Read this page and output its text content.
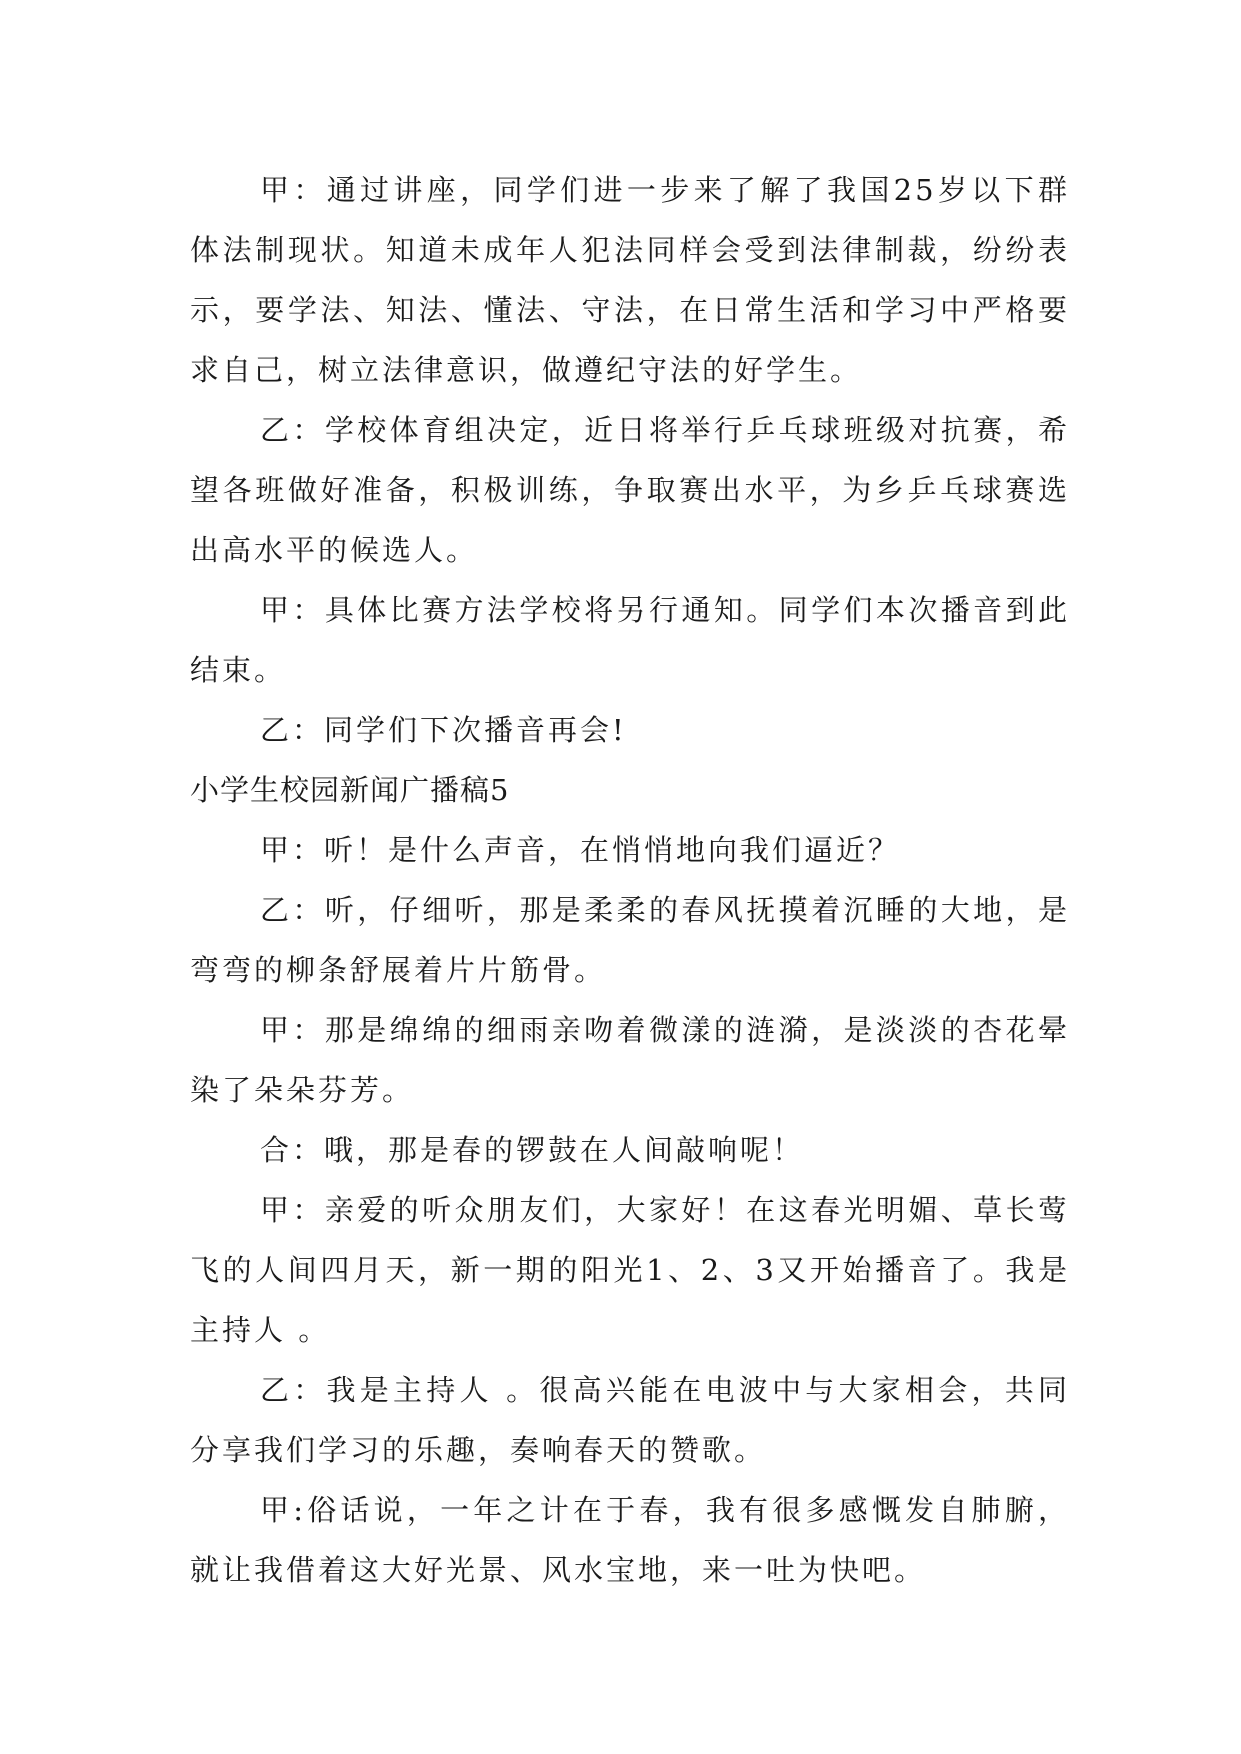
甲：通过讲座，同学们进一步来了解了我国25岁以下群体法制现状。知道未成年人犯法同样会受到法律制裁，纷纷表示，要学法、知法、懂法、守法，在日常生活和学习中严格要求自己，树立法律意识，做遵纪守法的好学生。

乙：学校体育组决定，近日将举行乒乓球班级对抗赛，希望各班做好准备，积极训练，争取赛出水平，为乡乒乓球赛选出高水平的候选人。

甲：具体比赛方法学校将另行通知。同学们本次播音到此结束。

乙：同学们下次播音再会!

小学生校园新闻广播稿5

甲：听！是什么声音，在悄悄地向我们逼近？

乙：听，仔细听，那是柔柔的春风抚摸着沉睡的大地，是弯弯的柳条舒展着片片筋骨。

甲：那是绵绵的细雨亲吻着微漾的涟漪，是淡淡的杏花晕染了朵朵芬芳。

合：哦，那是春的锣鼓在人间敲响呢！

甲：亲爱的听众朋友们，大家好！在这春光明媚、草长莺飞的人间四月天，新一期的阳光1、2、3又开始播音了。我是主持人 。

乙：我是主持人 。很高兴能在电波中与大家相会，共同分享我们学习的乐趣，奏响春天的赞歌。

甲:俗话说，一年之计在于春，我有很多感慨发自肺腑，就让我借着这大好光景、风水宝地，来一吐为快吧。
